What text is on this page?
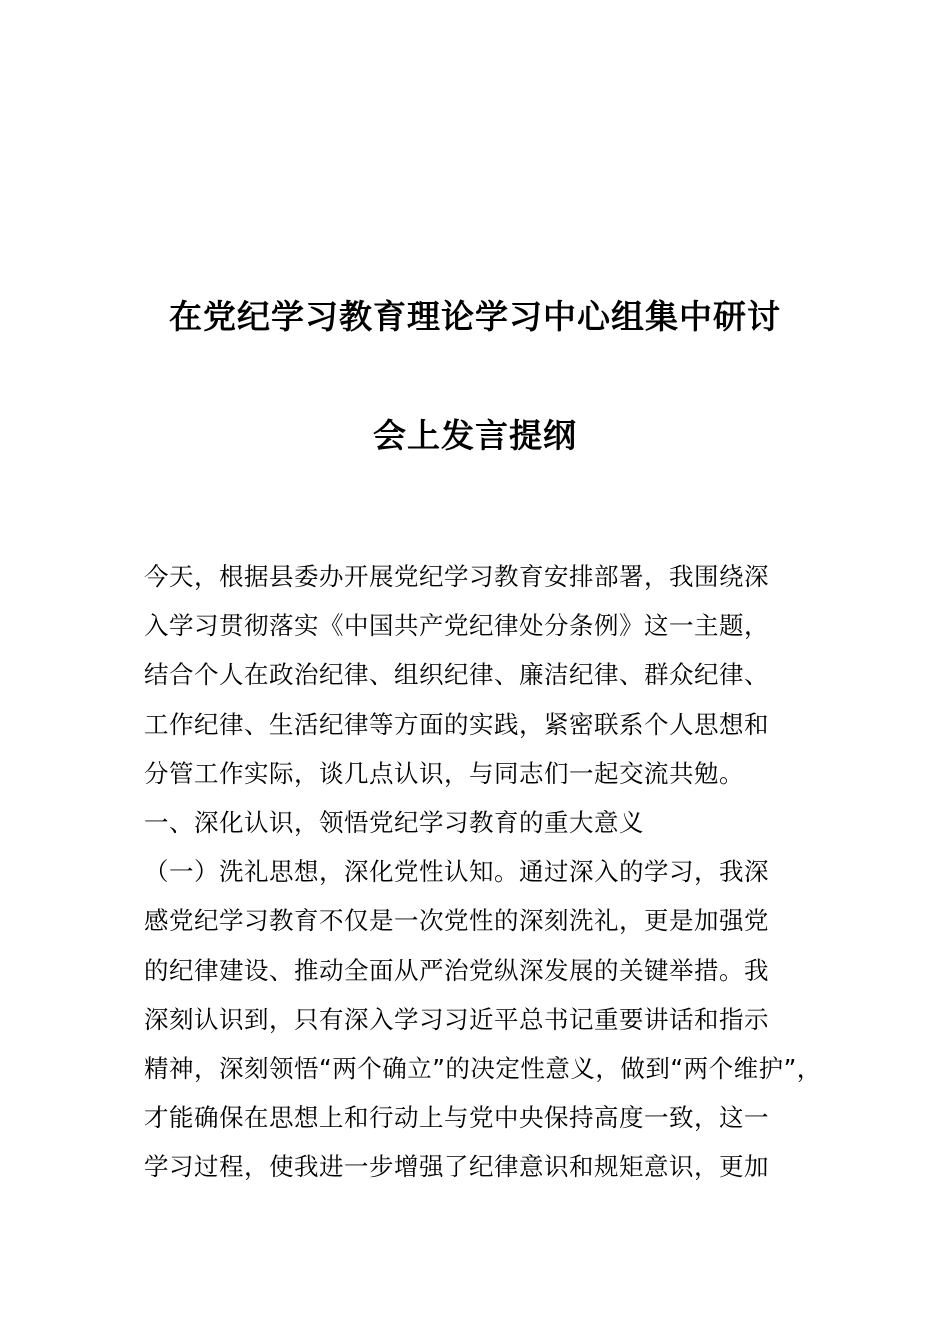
在党纪学习教育理论学习中心组集中研讨
会上发言提纲
今天，根据县委办开展党纪学习教育安排部署，我围绕深
入学习贯彻落实《中国共产党纪律处分条例》这一主题，
结合个人在政治纪律、组织纪律、廉洁纪律、群众纪律、
工作纪律、生活纪律等方面的实践，紧密联系个人思想和
分管工作实际，谈几点认识，与同志们一起交流共勉。
一、深化认识，领悟党纪学习教育的重大意义
（一）洗礼思想，深化党性认知。通过深入的学习，我深
感党纪学习教育不仅是一次党性的深刻洗礼，更是加强党
的纪律建设、推动全面从严治党纵深发展的关键举措。我
深刻认识到，只有深入学习习近平总书记重要讲话和指示
精神，深刻领悟“两个确立”的决定性意义，做到“两个维护”，
才能确保在思想上和行动上与党中央保持高度一致，这一
学习过程，使我进一步增强了纪律意识和规矩意识，更加
